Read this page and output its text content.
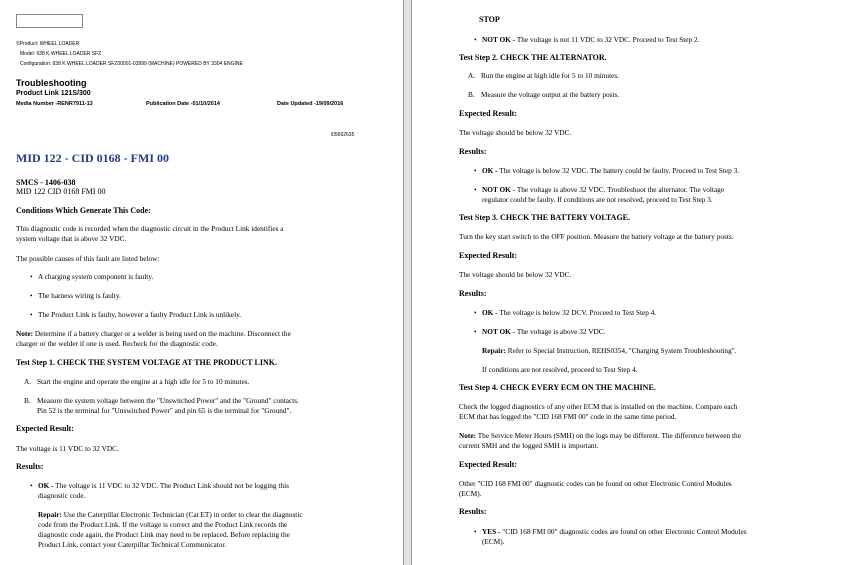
©Product: WHEEL LOADER
Model: 938 K WHEEL LOADER SFZ
Configuration: 938 K WHEEL LOADER SFZ00001-03999 (MACHINE) POWERED BY 3304 ENGINE
Troubleshooting
Product Link 121S/300
Media Number -RENR7911-13	Publication Date -01/10/2014	Date Updated -19/09/2016
i05662635
MID 122 - CID 0168 - FMI 00
SMCS - 1406-038
MID 122 CID 0168 FMI 00
Conditions Which Generate This Code:
This diagnostic code is recorded when the diagnostic circuit in the Product Link identifies a
system voltage that is above 32 VDC.
The possible causes of this fault are listed below:
• A charging system component is faulty.
• The harness wiring is faulty.
• The Product Link is faulty, however a faulty Product Link is unlikely.
Note: Determine if a battery charger or a welder is being used on the machine. Disconnect the
charger or the welder if one is used. Recheck for the diagnostic code.
Test Step 1. CHECK THE SYSTEM VOLTAGE AT THE PRODUCT LINK.
A. Start the engine and operate the engine at a high idle for 5 to 10 minutes.
B. Measure the system voltage between the "Unswitched Power" and the "Ground" contacts.
Pin 52 is the terminal for "Unswitched Power" and pin 65 is the terminal for "Ground".
Expected Result:
The voltage is 11 VDC to 32 VDC.
Results:
• OK - The voltage is 11 VDC to 32 VDC. The Product Link should not be logging this
diagnostic code.
Repair: Use the Caterpillar Electronic Technician (Cat ET) in order to clear the diagnostic
code from the Product Link. If the voltage is correct and the Product Link records the
diagnostic code again, the Product Link may need to be replaced. Before replacing the
Product Link, contact your Caterpillar Technical Communicator.
STOP
• NOT OK - The voltage is not 11 VDC to 32 VDC. Proceed to Test Step 2.
Test Step 2. CHECK THE ALTERNATOR.
A. Run the engine at high idle for 5 to 10 minutes.
B. Measure the voltage output at the battery posts.
Expected Result:
The voltage should be below 32 VDC.
Results:
• OK - The voltage is below 32 VDC. The battery could be faulty. Proceed to Test Step 3.
• NOT OK - The voltage is above 32 VDC. Troubleshoot the alternator. The voltage
regulator could be faulty. If conditions are not resolved, proceed to Test Step 3.
Test Step 3. CHECK THE BATTERY VOLTAGE.
Turn the key start switch to the OFF position. Measure the battery voltage at the battery posts.
Expected Result:
The voltage should be below 32 VDC.
Results:
• OK - The voltage is below 32 DCV. Proceed to Test Step 4.
• NOT OK - The voltage is above 32 VDC.
Repair: Refer to Special Instruction, REHS0354, "Charging System Troubleshooting".
If conditions are not resolved, proceed to Test Step 4.
Test Step 4. CHECK EVERY ECM ON THE MACHINE.
Check the logged diagnostics of any other ECM that is installed on the machine. Compare each
ECM that has logged the "CID 168 FMI 00" code in the same time period.
Note: The Service Meter Hours (SMH) on the logs may be different. The difference between the
current SMH and the logged SMH is important.
Expected Result:
Other "CID 168 FMI 00" diagnostic codes can be found on other Electronic Control Modules
(ECM).
Results:
• YES - "CID 168 FMI 00" diagnostic codes are found on other Electronic Control Modules
(ECM).
